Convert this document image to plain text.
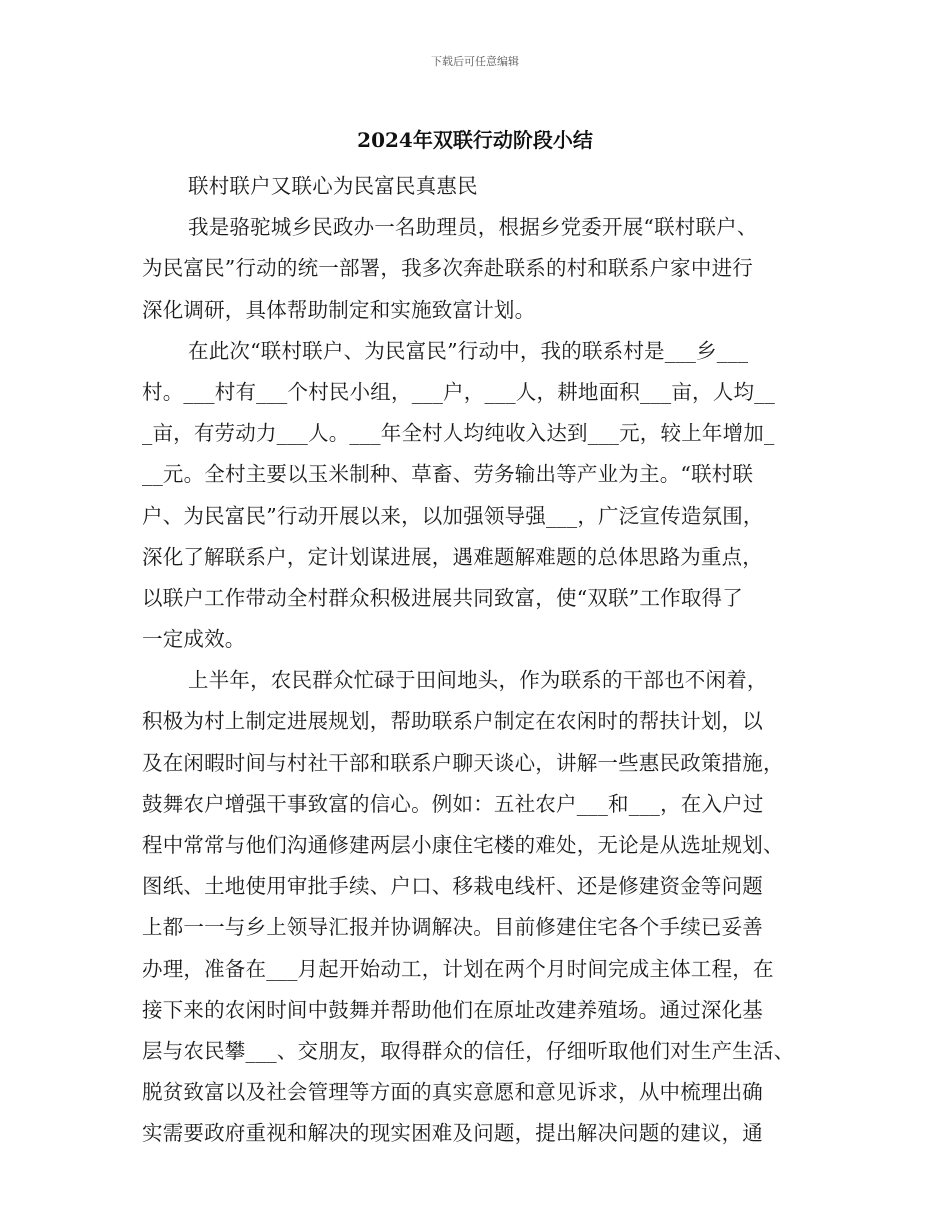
下载后可任意编辑
2024年双联行动阶段小结
联村联户又联心为民富民真惠民
我是骆驼城乡民政办一名助理员，根据乡党委开展“联村联户、
为民富民”行动的统一部署，我多次奔赴联系的村和联系户家中进行
深化调研，具体帮助制定和实施致富计划。
在此次“联村联户、为民富民”行动中，我的联系村是___乡___
村。___村有___个村民小组，___户，___人，耕地面积___亩，人均__
_亩，有劳动力___人。___年全村人均纯收入达到___元，较上年增加_
__元。全村主要以玉米制种、草畜、劳务输出等产业为主。“联村联
户、为民富民”行动开展以来，以加强领导强___，广泛宣传造氛围，
深化了解联系户，定计划谋进展，遇难题解难题的总体思路为重点，
以联户工作带动全村群众积极进展共同致富，使“双联”工作取得了
一定成效。
上半年，农民群众忙碌于田间地头，作为联系的干部也不闲着，
积极为村上制定进展规划，帮助联系户制定在农闲时的帮扶计划，以
及在闲暇时间与村社干部和联系户聊天谈心，讲解一些惠民政策措施，
鼓舞农户增强干事致富的信心。例如：五社农户___和___，在入户过
程中常常与他们沟通修建两层小康住宅楼的难处，无论是从选址规划、
图纸、土地使用审批手续、户口、移栽电线杆、还是修建资金等问题
上都一一与乡上领导汇报并协调解决。目前修建住宅各个手续已妥善
办理，准备在___月起开始动工，计划在两个月时间完成主体工程，在
接下来的农闲时间中鼓舞并帮助他们在原址改建养殖场。通过深化基
层与农民攀___、交朋友，取得群众的信任，仔细听取他们对生产生活、
脱贫致富以及社会管理等方面的真实意愿和意见诉求，从中梳理出确
实需要政府重视和解决的现实困难及问题，提出解决问题的建议，通
